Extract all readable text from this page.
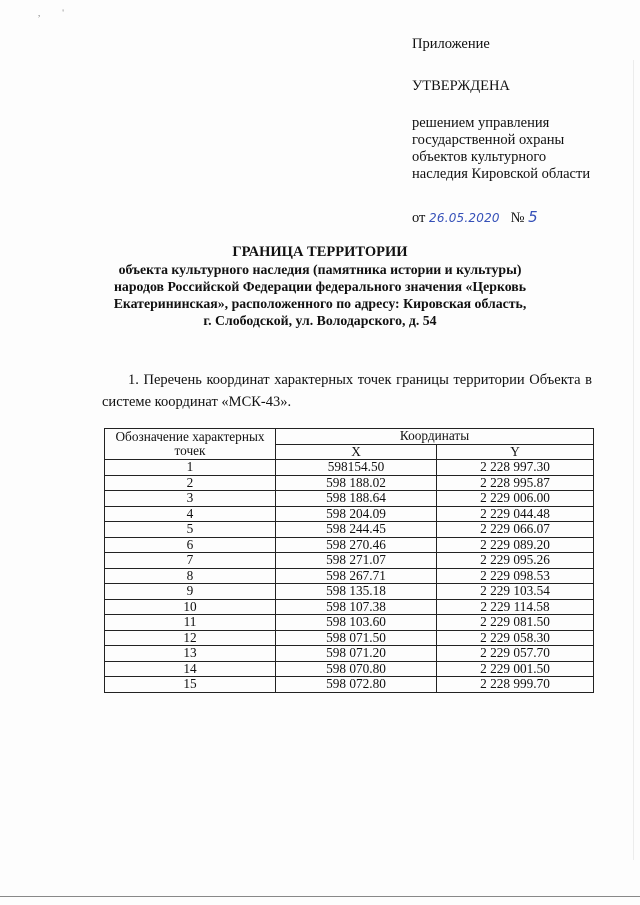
, '

Приложение

УТВЕРЖДЕНА

решением управления

государственной охраны

объектов культурного

наследия Кировской области

от 26.05.2020 № 5

ГРАНИЦА ТЕРРИТОРИИ
объекта культурного наследия (памятника истории и культуры)
народов Российской Федерации федерального значения «Церковь
Екатерининская», расположенного по адресу: Кировская область,
г. Слободской, ул. Володарского, д. 54

1. Перечень координат характерных точек границы территории Объекта в системе координат «МСК-43».

Обозначение характерных точек	Координаты	
	X	Y
1	598154.50	2 228 997.30
2	598 188.02	2 228 995.87
3	598 188.64	2 229 006.00
4	598 204.09	2 229 044.48
5	598 244.45	2 229 066.07
6	598 270.46	2 229 089.20
7	598 271.07	2 229 095.26
8	598 267.71	2 229 098.53
9	598 135.18	2 229 103.54
10	598 107.38	2 229 114.58
11	598 103.60	2 229 081.50
12	598 071.50	2 229 058.30
13	598 071.20	2 229 057.70
14	598 070.80	2 229 001.50
15	598 072.80	2 228 999.70
